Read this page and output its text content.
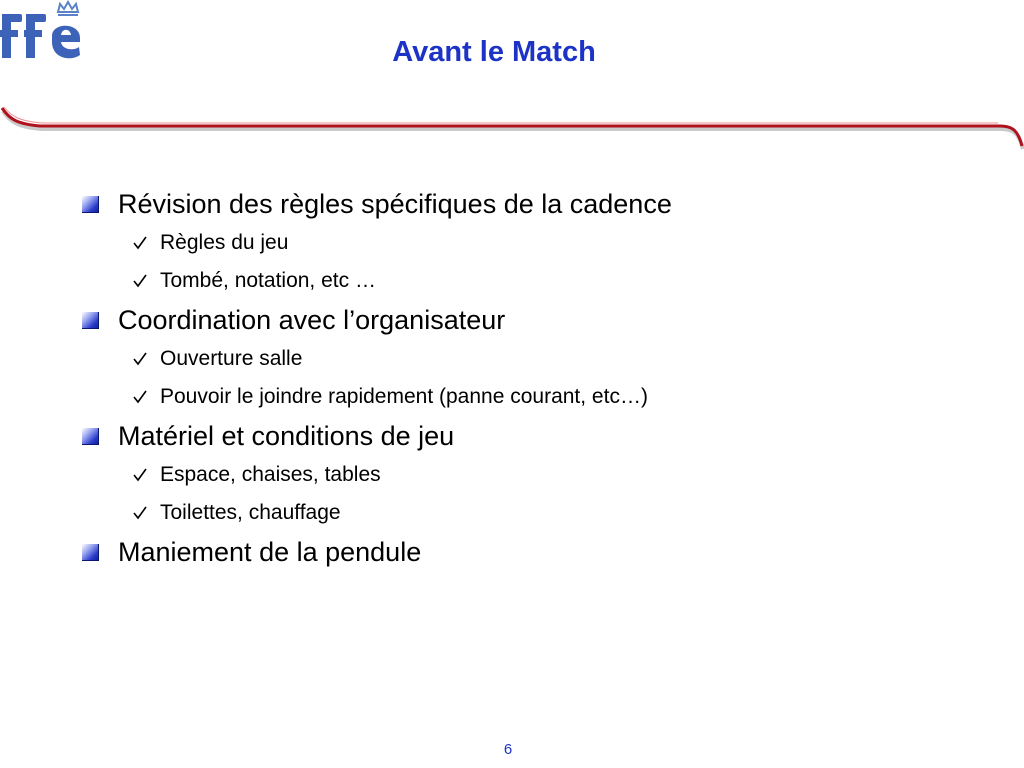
Avant le Match
Révision des règles spécifiques de la cadence
Règles du jeu
Tombé, notation, etc …
Coordination avec l’organisateur
Ouverture salle
Pouvoir le joindre rapidement (panne courant, etc…)
Matériel et conditions de jeu
Espace, chaises, tables
Toilettes, chauffage
Maniement de la pendule
6
